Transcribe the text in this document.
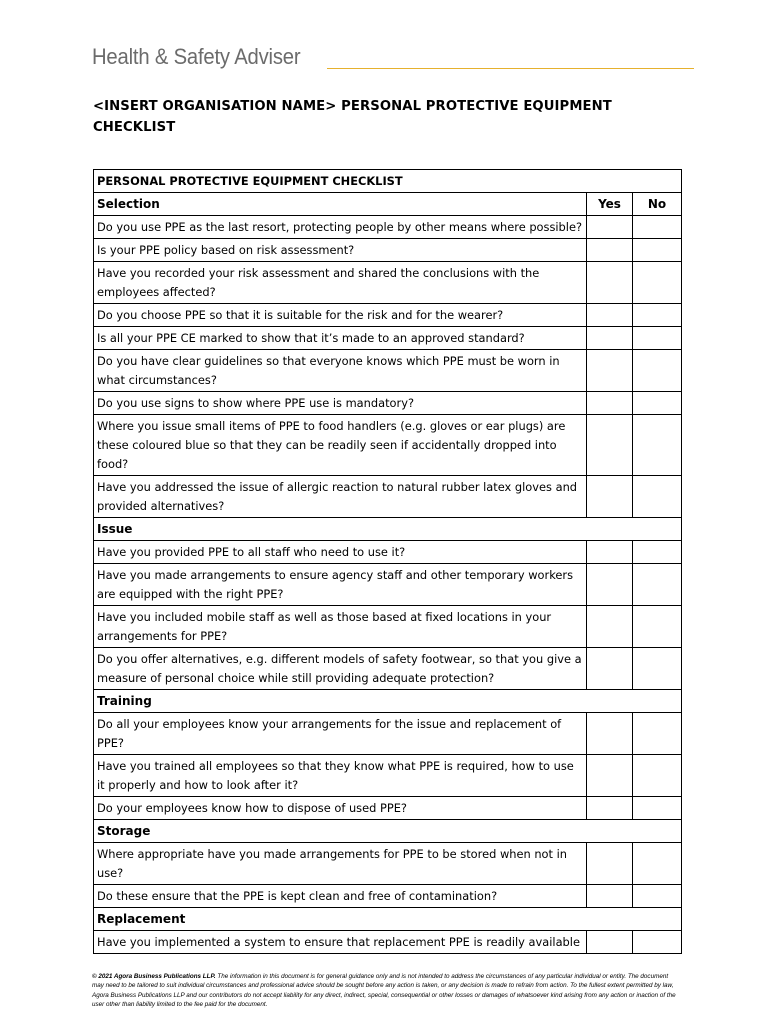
Health & Safety Adviser
<INSERT ORGANISATION NAME> PERSONAL PROTECTIVE EQUIPMENT CHECKLIST
PERSONAL PROTECTIVE EQUIPMENT CHECKLIST		
Selection	Yes	No
Do you use PPE as the last resort, protecting people by other means where possible?		
Is your PPE policy based on risk assessment?		
Have you recorded your risk assessment and shared the conclusions with the employees affected?		
Do you choose PPE so that it is suitable for the risk and for the wearer?		
Is all your PPE CE marked to show that it’s made to an approved standard?		
Do you have clear guidelines so that everyone knows which PPE must be worn in what circumstances?		
Do you use signs to show where PPE use is mandatory?		
Where you issue small items of PPE to food handlers (e.g. gloves or ear plugs) are these coloured blue so that they can be readily seen if accidentally dropped into food?		
Have you addressed the issue of allergic reaction to natural rubber latex gloves and provided alternatives?		
Issue		
Have you provided PPE to all staff who need to use it?		
Have you made arrangements to ensure agency staff and other temporary workers are equipped with the right PPE?		
Have you included mobile staff as well as those based at fixed locations in your arrangements for PPE?		
Do you offer alternatives, e.g. different models of safety footwear, so that you give a measure of personal choice while still providing adequate protection?		
Training		
Do all your employees know your arrangements for the issue and replacement of PPE?		
Have you trained all employees so that they know what PPE is required, how to use it properly and how to look after it?		
Do your employees know how to dispose of used PPE?		
Storage		
Where appropriate have you made arrangements for PPE to be stored when not in use?		
Do these ensure that the PPE is kept clean and free of contamination?		
Replacement		
Have you implemented a system to ensure that replacement PPE is readily available		
© 2021 Agora Business Publications LLP. The information in this document is for general guidance only and is not intended to address the circumstances of any particular individual or entity. The document may need to be tailored to suit individual circumstances and professional advice should be sought before any action is taken, or any decision is made to refrain from action. To the fullest extent permitted by law, Agora Business Publications LLP and our contributors do not accept liability for any direct, indirect, special, consequential or other losses or damages of whatsoever kind arising from any action or inaction of the user other than liability limited to the fee paid for the document.
